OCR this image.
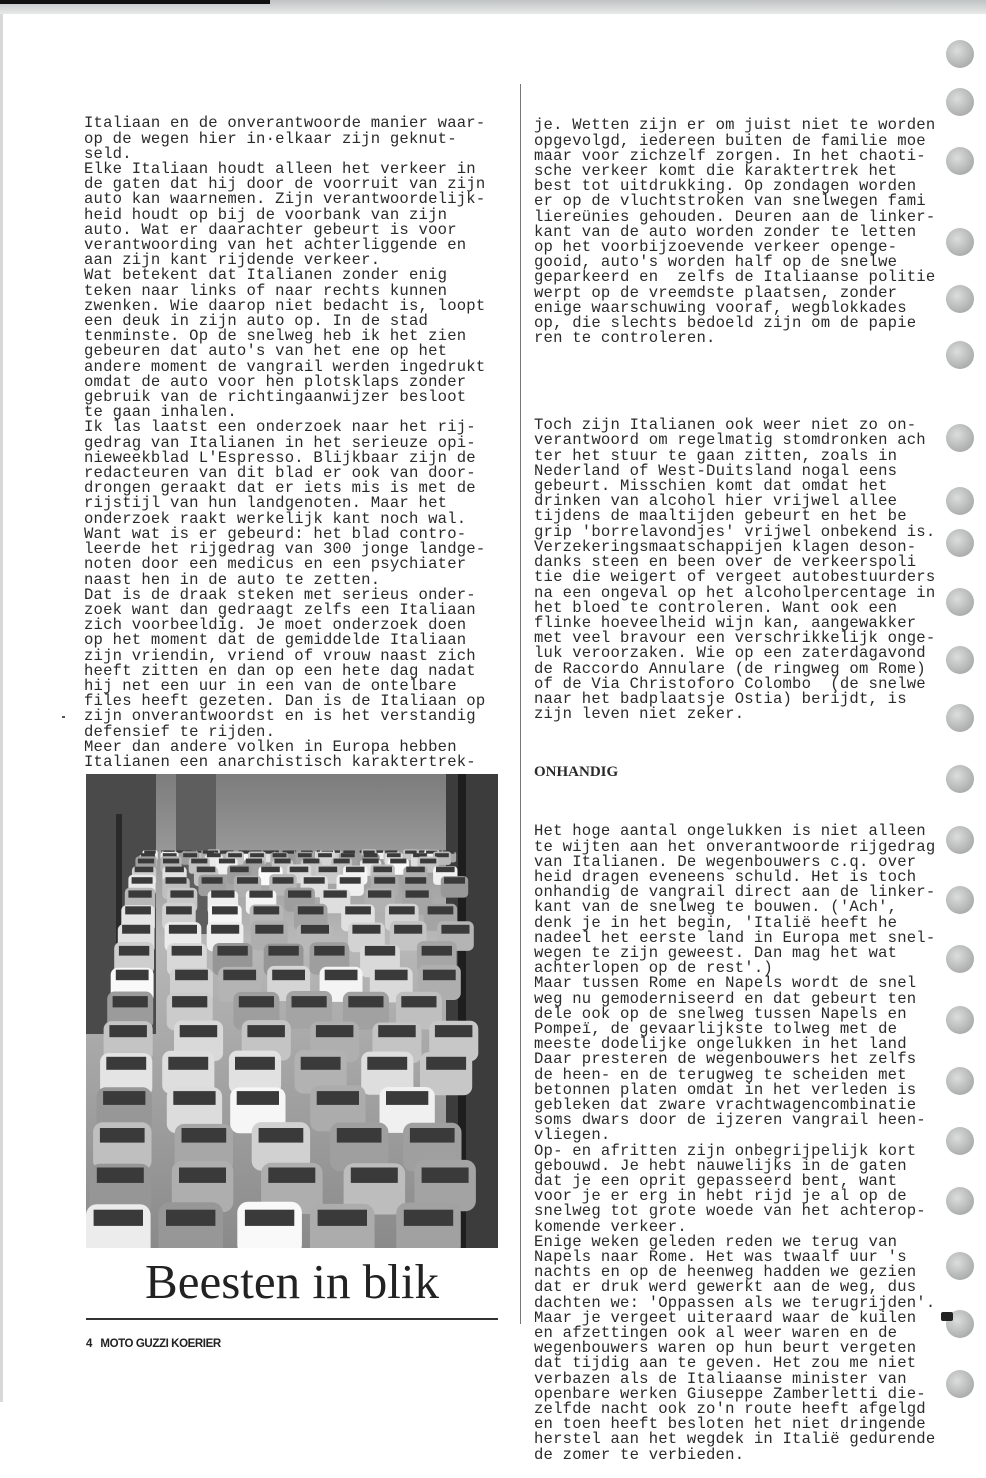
Italiaan en de onverantwoorde manier waar-
op de wegen hier in·elkaar zijn geknut-
seld.
Elke Italiaan houdt alleen het verkeer in
de gaten dat hij door de voorruit van zijn
auto kan waarnemen. Zijn verantwoordelijk-
heid houdt op bij de voorbank van zijn
auto. Wat er daarachter gebeurt is voor
verantwoording van het achterliggende en
aan zijn kant rijdende verkeer.
Wat betekent dat Italianen zonder enig
teken naar links of naar rechts kunnen
zwenken. Wie daarop niet bedacht is, loopt
een deuk in zijn auto op. In de stad
tenminste. Op de snelweg heb ik het zien
gebeuren dat auto's van het ene op het
andere moment de vangrail werden ingedrukt
omdat de auto voor hen plotsklaps zonder
gebruik van de richtingaanwijzer besloot
te gaan inhalen.
Ik las laatst een onderzoek naar het rij-
gedrag van Italianen in het serieuze opi-
nieweekblad L'Espresso. Blijkbaar zijn de
redacteuren van dit blad er ook van door-
drongen geraakt dat er iets mis is met de
rijstijl van hun landgenoten. Maar het
onderzoek raakt werkelijk kant noch wal.
Want wat is er gebeurd: het blad contro-
leerde het rijgedrag van 300 jonge landge-
noten door een medicus en een psychiater
naast hen in de auto te zetten.
Dat is de draak steken met serieus onder-
zoek want dan gedraagt zelfs een Italiaan
zich voorbeeldig. Je moet onderzoek doen
op het moment dat de gemiddelde Italiaan
zijn vriendin, vriend of vrouw naast zich
heeft zitten en dan op een hete dag nadat
hij net een uur in een van de ontelbare
files heeft gezeten. Dan is de Italiaan op
zijn onverantwoordst en is het verstandig
defensief te rijden.
Meer dan andere volken in Europa hebben
Italianen een anarchistisch karaktertrek-

je. Wetten zijn er om juist niet te worden
opgevolgd, iedereen buiten de familie moe
maar voor zichzelf zorgen. In het chaoti-
sche verkeer komt die karaktertrek het
best tot uitdrukking. Op zondagen worden
er op de vluchtstroken van snelwegen fami
liereünies gehouden. Deuren aan de linker-
kant van de auto worden zonder te letten
op het voorbijzoevende verkeer openge-
gooid, auto's worden half op de snelwe
geparkeerd en  zelfs de Italiaanse politie
werpt op de vreemdste plaatsen, zonder
enige waarschuwing vooraf, wegblokkades
op, die slechts bedoeld zijn om de papie
ren te controleren.

Toch zijn Italianen ook weer niet zo on-
verantwoord om regelmatig stomdronken ach
ter het stuur te gaan zitten, zoals in
Nederland of West-Duitsland nogal eens
gebeurt. Misschien komt dat omdat het
drinken van alcohol hier vrijwel allee
tijdens de maaltijden gebeurt en het be
grip 'borrelavondjes' vrijwel onbekend is.
Verzekeringsmaatschappijen klagen deson-
danks steen en been over de verkeerspoli
tie die weigert of vergeet autobestuurders
na een ongeval op het alcoholpercentage in
het bloed te controleren. Want ook een
flinke hoeveelheid wijn kan, aangewakker
met veel bravour een verschrikkelijk onge-
luk veroorzaken. Wie op een zaterdagavond
de Raccordo Annulare (de ringweg om Rome)
of de Via Christoforo Colombo  (de snelwe
naar het badplaatsje Ostia) berijdt, is
zijn leven niet zeker.

ONHANDIG

Het hoge aantal ongelukken is niet alleen
te wijten aan het onverantwoorde rijgedrag
van Italianen. De wegenbouwers c.q. over
heid dragen eveneens schuld. Het is toch
onhandig de vangrail direct aan de linker-
kant van de snelweg te bouwen. ('Ach',
denk je in het begin, 'Italië heeft he
nadeel het eerste land in Europa met snel-
wegen te zijn geweest. Dan mag het wat
achterlopen op de rest'.)
Maar tussen Rome en Napels wordt de snel
weg nu gemoderniseerd en dat gebeurt ten
dele ook op de snelweg tussen Napels en
Pompeï, de gevaarlijkste tolweg met de
meeste dodelijke ongelukken in het land
Daar presteren de wegenbouwers het zelfs
de heen- en de terugweg te scheiden met
betonnen platen omdat in het verleden is
gebleken dat zware vrachtwagencombinatie
soms dwars door de ijzeren vangrail heen-
vliegen.
Op- en afritten zijn onbegrijpelijk kort
gebouwd. Je hebt nauwelijks in de gaten
dat je een oprit gepasseerd bent, want
voor je er erg in hebt rijd je al op de
snelweg tot grote woede van het achterop-
komende verkeer.
Enige weken geleden reden we terug van
Napels naar Rome. Het was twaalf uur 's
nachts en op de heenweg hadden we gezien
dat er druk werd gewerkt aan de weg, dus
dachten we: 'Oppassen als we terugrijden'.
Maar je vergeet uiteraard waar de kuilen
en afzettingen ook al weer waren en de
wegenbouwers waren op hun beurt vergeten
dat tijdig aan te geven. Het zou me niet
verbazen als de Italiaanse minister van
openbare werken Giuseppe Zamberletti die-
zelfde nacht ook zo'n route heeft afgelgd
en toen heeft besloten het niet dringende
herstel aan het wegdek in Italië gedurende
de zomer te verbieden.

Beesten in blik
4 MOTO GUZZI KOERIER
